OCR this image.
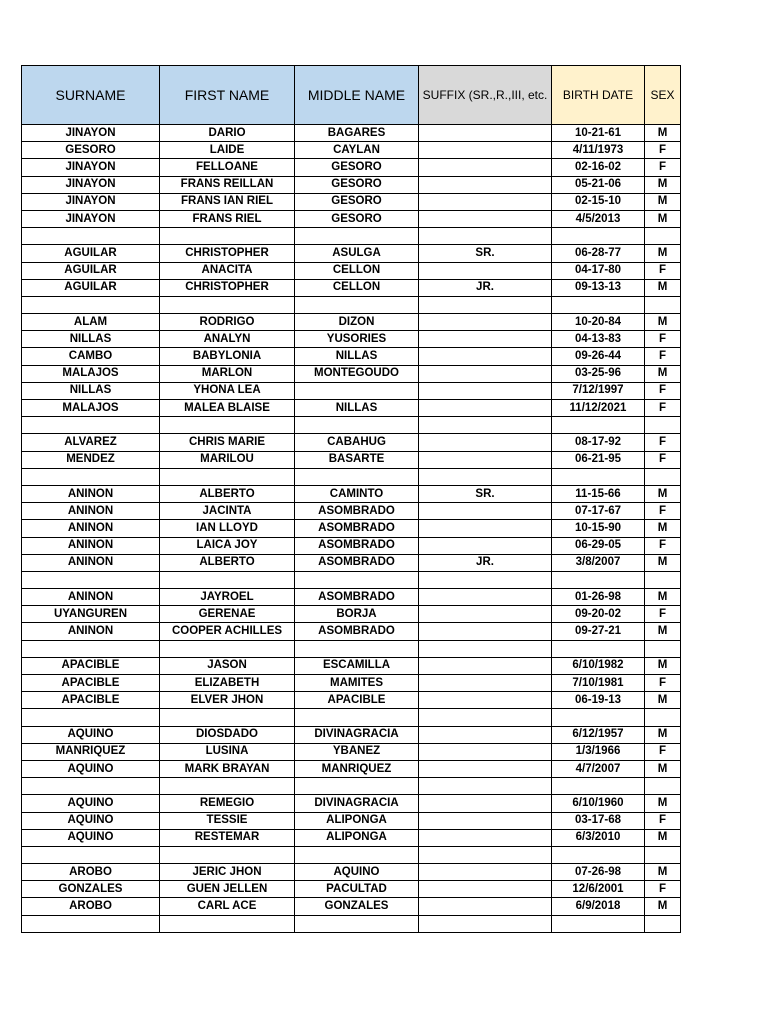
SURNAME	FIRST NAME	MIDDLE NAME	SUFFIX (SR.,R.,III, etc.	BIRTH DATE	SEX
JINAYON	DARIO	BAGARES		10-21-61	M
GESORO	LAIDE	CAYLAN		4/11/1973	F
JINAYON	FELLOANE	GESORO		02-16-02	F
JINAYON	FRANS REILLAN	GESORO		05-21-06	M
JINAYON	FRANS IAN RIEL	GESORO		02-15-10	M
JINAYON	FRANS RIEL	GESORO		4/5/2013	M

AGUILAR	CHRISTOPHER	ASULGA	SR.	06-28-77	M
AGUILAR	ANACITA	CELLON		04-17-80	F
AGUILAR	CHRISTOPHER	CELLON	JR.	09-13-13	M

ALAM	RODRIGO	DIZON		10-20-84	M
NILLAS	ANALYN	YUSORIES		04-13-83	F
CAMBO	BABYLONIA	NILLAS		09-26-44	F
MALAJOS	MARLON	MONTEGOUDO		03-25-96	M
NILLAS	YHONA LEA			7/12/1997	F
MALAJOS	MALEA BLAISE	NILLAS		11/12/2021	F

ALVAREZ	CHRIS MARIE	CABAHUG		08-17-92	F
MENDEZ	MARILOU	BASARTE		06-21-95	F

ANINON	ALBERTO	CAMINTO	SR.	11-15-66	M
ANINON	JACINTA	ASOMBRADO		07-17-67	F
ANINON	IAN LLOYD	ASOMBRADO		10-15-90	M
ANINON	LAICA JOY	ASOMBRADO		06-29-05	F
ANINON	ALBERTO	ASOMBRADO	JR.	3/8/2007	M

ANINON	JAYROEL	ASOMBRADO		01-26-98	M
UYANGUREN	GERENAE	BORJA		09-20-02	F
ANINON	COOPER ACHILLES	ASOMBRADO		09-27-21	M

APACIBLE	JASON	ESCAMILLA		6/10/1982	M
APACIBLE	ELIZABETH	MAMITES		7/10/1981	F
APACIBLE	ELVER JHON	APACIBLE		06-19-13	M

AQUINO	DIOSDADO	DIVINAGRACIA		6/12/1957	M
MANRIQUEZ	LUSINA	YBANEZ		1/3/1966	F
AQUINO	MARK BRAYAN	MANRIQUEZ		4/7/2007	M

AQUINO	REMEGIO	DIVINAGRACIA		6/10/1960	M
AQUINO	TESSIE	ALIPONGA		03-17-68	F
AQUINO	RESTEMAR	ALIPONGA		6/3/2010	M

AROBO	JERIC JHON	AQUINO		07-26-98	M
GONZALES	GUEN JELLEN	PACULTAD		12/6/2001	F
AROBO	CARL ACE	GONZALES		6/9/2018	M
